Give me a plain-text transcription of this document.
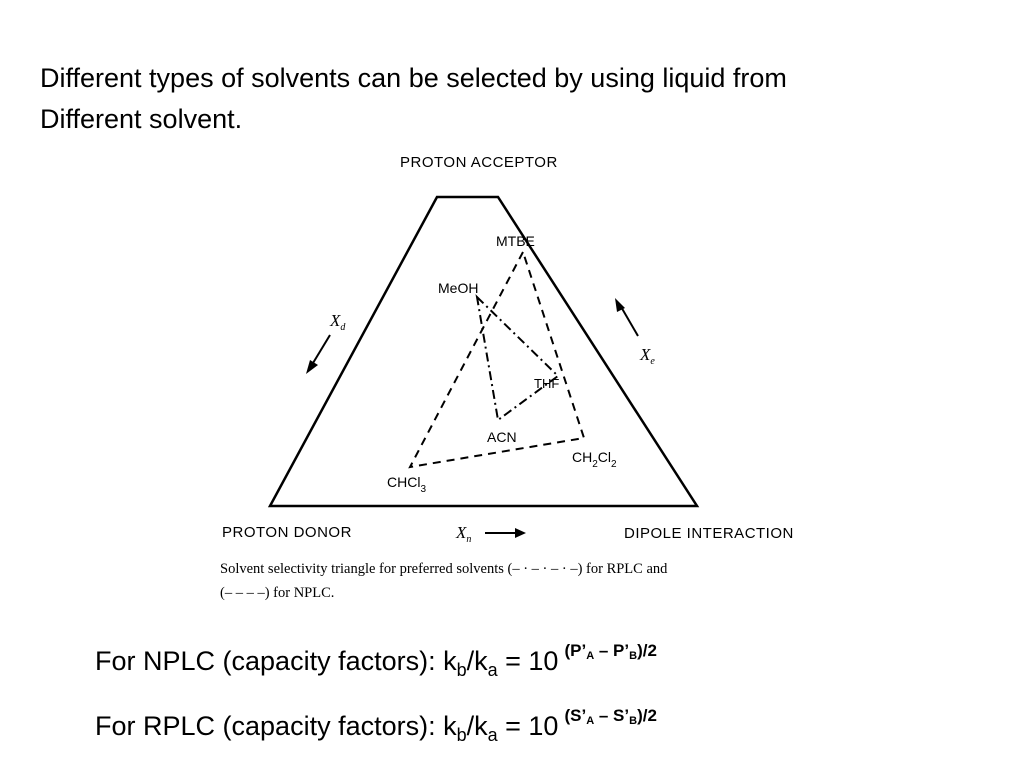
Different types of solvents can be selected by using liquid from
Different solvent.
PROTON ACCEPTOR
PROTON DONOR	DIPOLE INTERACTION
$X_d$
$X_e$
$X_n$
MTBE
MeOH
THF
ACN
CHCl$_3$
$CH_2Cl_2$
Solvent selectivity triangle for preferred solvents (– · – · – · –) for RPLC and
(– – – –) for NPLC.
For NPLC (capacity factors): $k_b/k_a = 10$ $^{(P’_A - P’_B)/2}$
For RPLC (capacity factors): $k_b/k_a = 10$ $^{(S’_A - S’_B)/2}$
